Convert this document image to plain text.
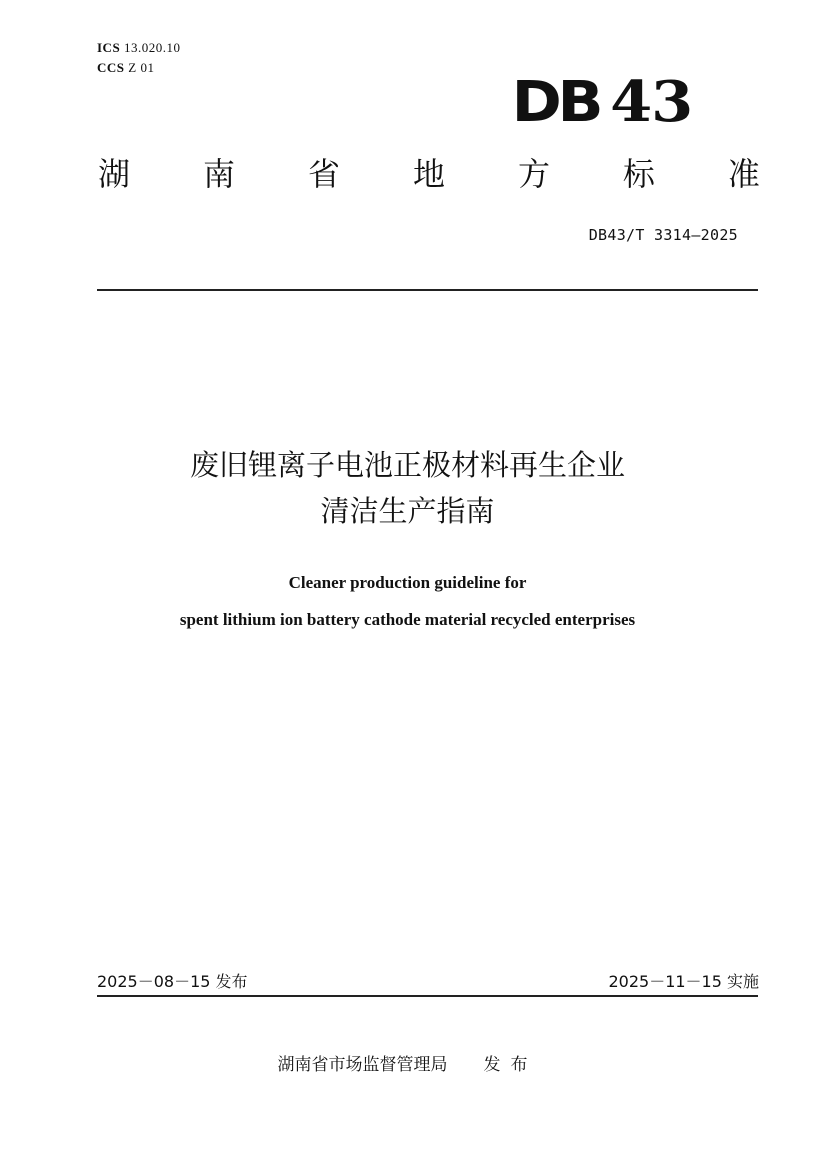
ICS 13.020.10
CCS Z 01
DB 43
湖 南 省 地 方 标 准
DB43/T 3314—2025
废旧锂离子电池正极材料再生企业
清洁生产指南
Cleaner production guideline for
spent lithium ion battery cathode material recycled enterprises
2025－08－15 发布	2025－11－15 实施
湖南省市场监督管理局 发布
